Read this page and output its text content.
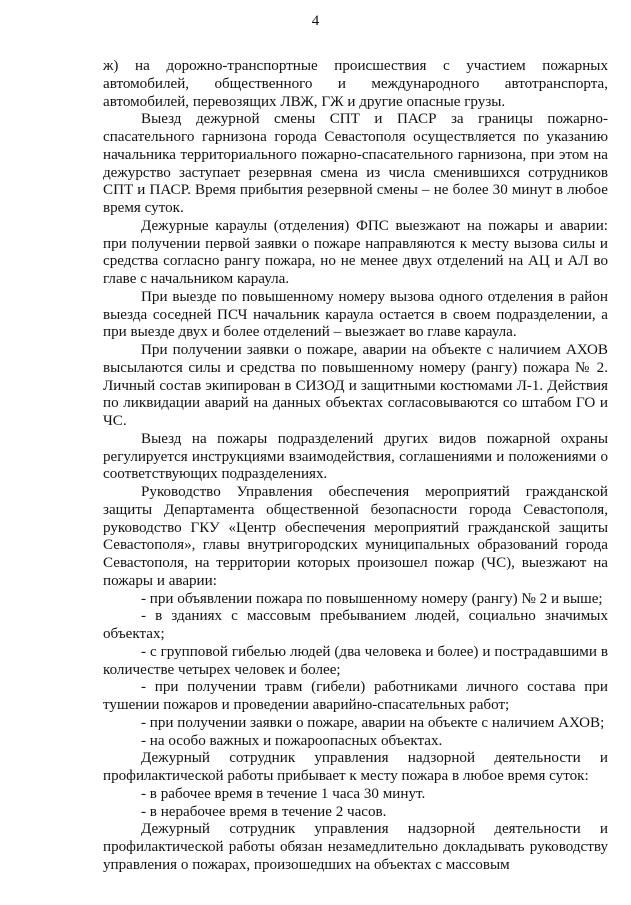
4

ж) на дорожно-транспортные происшествия с участием пожарных автомобилей, общественного и международного автотранспорта, автомобилей, перевозящих ЛВЖ, ГЖ и другие опасные грузы.

Выезд дежурной смены СПТ и ПАСР за границы пожарно-спасательного гарнизона города Севастополя осуществляется по указанию начальника территориального пожарно-спасательного гарнизона, при этом на дежурство заступает резервная смена из числа сменившихся сотрудников СПТ и ПАСР. Время прибытия резервной смены – не более 30 минут в любое время суток.

Дежурные караулы (отделения) ФПС выезжают на пожары и аварии: при получении первой заявки о пожаре направляются к месту вызова силы и средства согласно рангу пожара, но не менее двух отделений на АЦ и АЛ во главе с начальником караула.

При выезде по повышенному номеру вызова одного отделения в район выезда соседней ПСЧ начальник караула остается в своем подразделении, а при выезде двух и более отделений – выезжает во главе караула.

При получении заявки о пожаре, аварии на объекте с наличием АХОВ высылаются силы и средства по повышенному номеру (рангу) пожара № 2. Личный состав экипирован в СИЗОД и защитными костюмами Л-1. Действия по ликвидации аварий на данных объектах согласовываются со штабом ГО и ЧС.

Выезд на пожары подразделений других видов пожарной охраны регулируется инструкциями взаимодействия, соглашениями и положениями о соответствующих подразделениях.

Руководство Управления обеспечения мероприятий гражданской защиты Департамента общественной безопасности города Севастополя, руководство ГКУ «Центр обеспечения мероприятий гражданской защиты Севастополя», главы внутригородских муниципальных образований города Севастополя, на территории которых произошел пожар (ЧС), выезжают на пожары и аварии:

- при объявлении пожара по повышенному номеру (рангу) № 2 и выше;

- в зданиях с массовым пребыванием людей, социально значимых объектах;

- с групповой гибелью людей (два человека и более) и пострадавшими в количестве четырех человек и более;

- при получении травм (гибели) работниками личного состава при тушении пожаров и проведении аварийно-спасательных работ;

- при получении заявки о пожаре, аварии на объекте с наличием АХОВ;

- на особо важных и пожароопасных объектах.

Дежурный сотрудник управления надзорной деятельности и профилактической работы прибывает к месту пожара в любое время суток:

- в рабочее время в течение 1 часа 30 минут.

- в нерабочее время в течение 2 часов.

Дежурный сотрудник управления надзорной деятельности и профилактической работы обязан незамедлительно докладывать руководству управления о пожарах, произошедших на объектах с массовым
